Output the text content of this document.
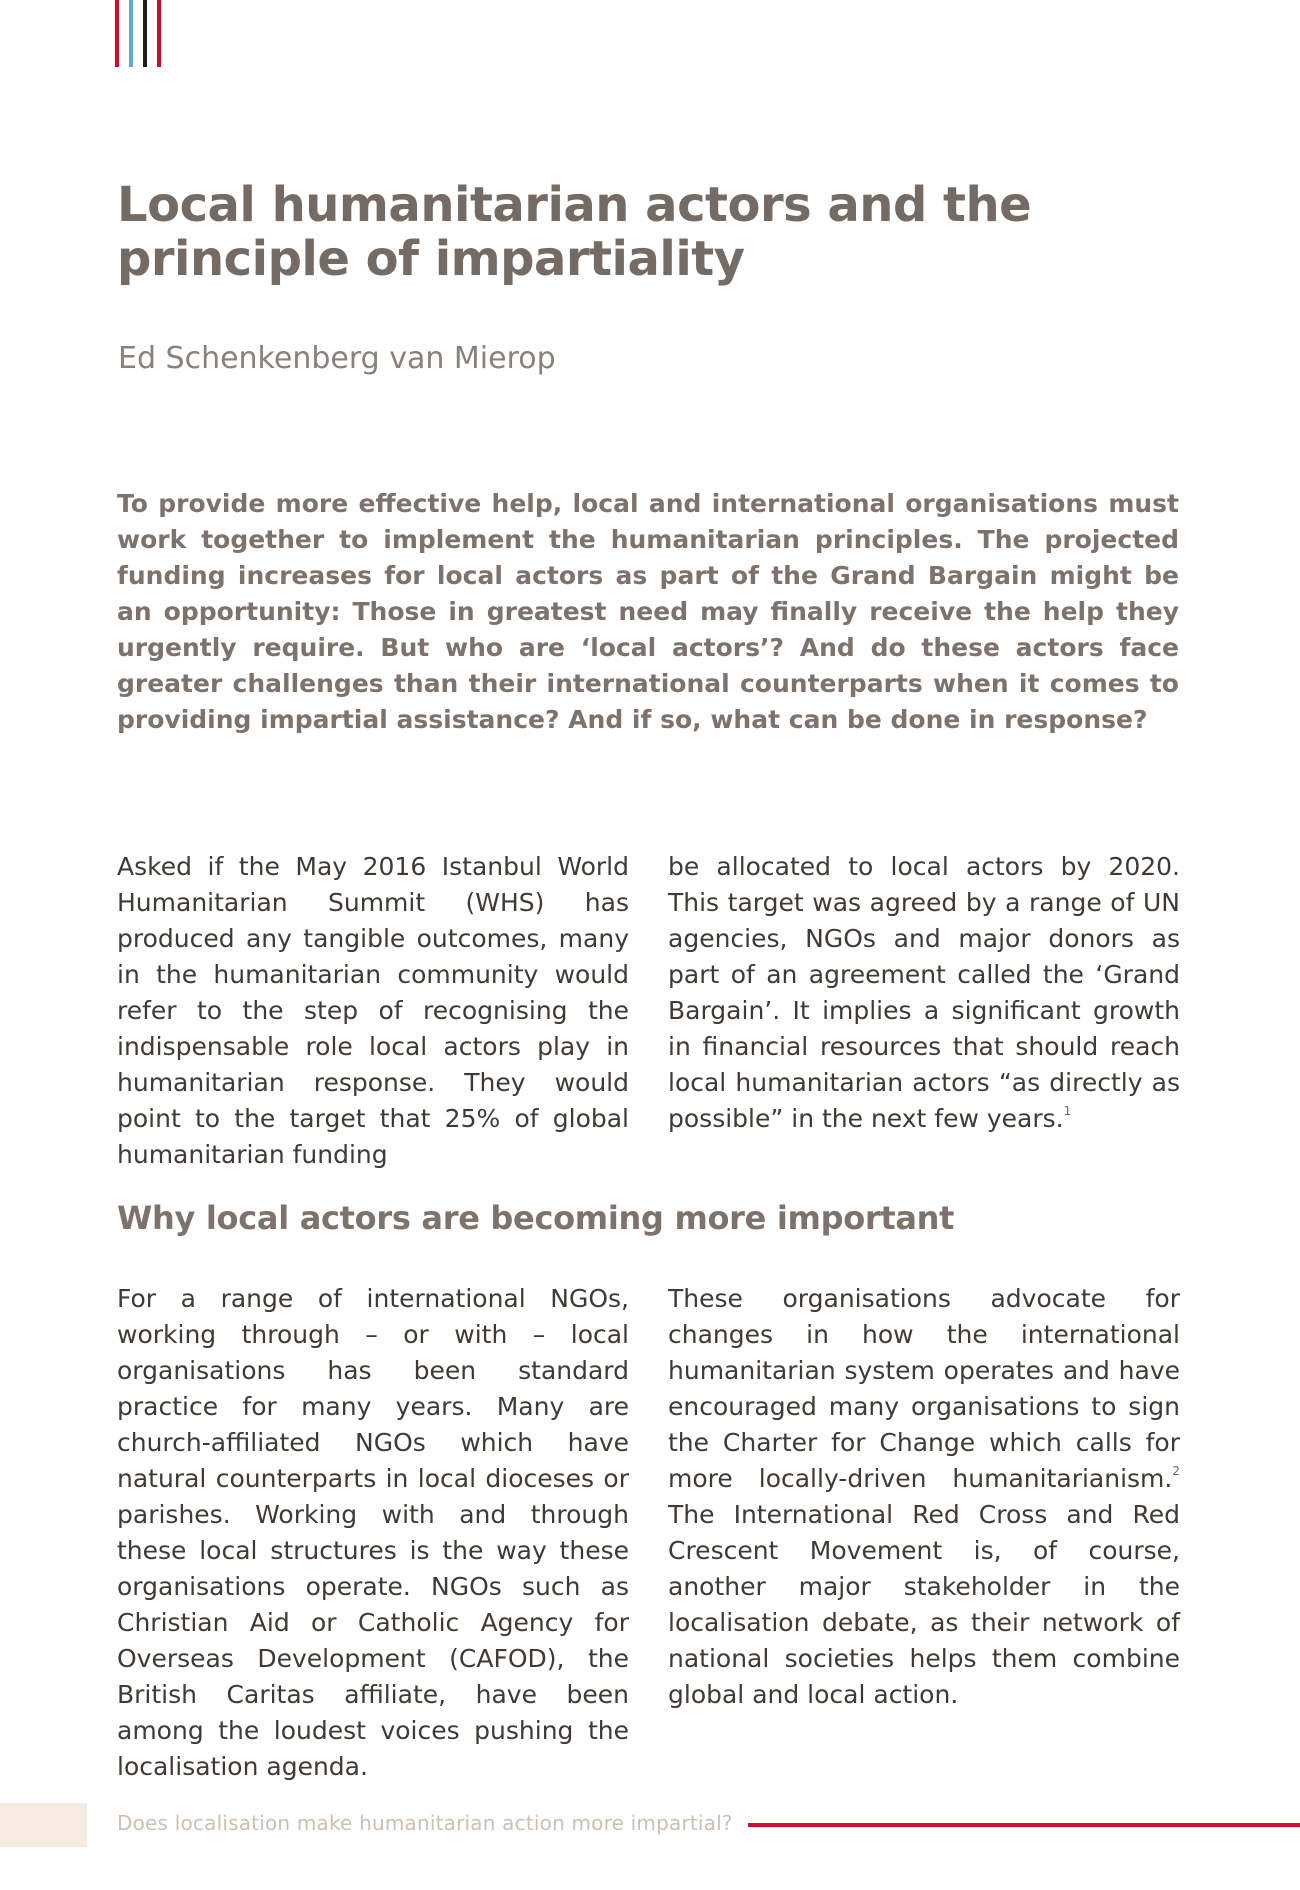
Local humanitarian actors and the principle of impartiality

Ed Schenkenberg van Mierop

To provide more effective help, local and international organisations must work together to implement the humanitarian principles. The projected funding increases for local actors as part of the Grand Bargain might be an opportunity: Those in greatest need may finally receive the help they urgently require. But who are ‘local actors’? And do these actors face greater challenges than their international counterparts when it comes to providing impartial assistance? And if so, what can be done in response?

Asked if the May 2016 Istanbul World Humanitarian Summit (WHS) has produced any tangible outcomes, many in the humanitarian community would refer to the step of recognising the indispensable role local actors play in humanitarian response. They would point to the target that 25% of global humanitarian funding

be allocated to local actors by 2020. This target was agreed by a range of UN agencies, NGOs and major donors as part of an agreement called the ‘Grand Bargain’. It implies a significant growth in financial resources that should reach local humanitarian actors “as directly as possible” in the next few years.$^1$

Why local actors are becoming more important

For a range of international NGOs, working through – or with – local organisations has been standard practice for many years. Many are church-affiliated NGOs which have natural counterparts in local dioceses or parishes. Working with and through these local structures is the way these organisations operate. NGOs such as Christian Aid or Catholic Agency for Overseas Development (CAFOD), the British Caritas affiliate, have been among the loudest voices pushing the localisation agenda.

These organisations advocate for changes in how the international humanitarian system operates and have encouraged many organisations to sign the Charter for Change which calls for more locally-driven humanitarianism.$^2$ The International Red Cross and Red Crescent Movement is, of course, another major stakeholder in the localisation debate, as their network of national societies helps them combine global and local action.

Does localisation make humanitarian action more impartial?
